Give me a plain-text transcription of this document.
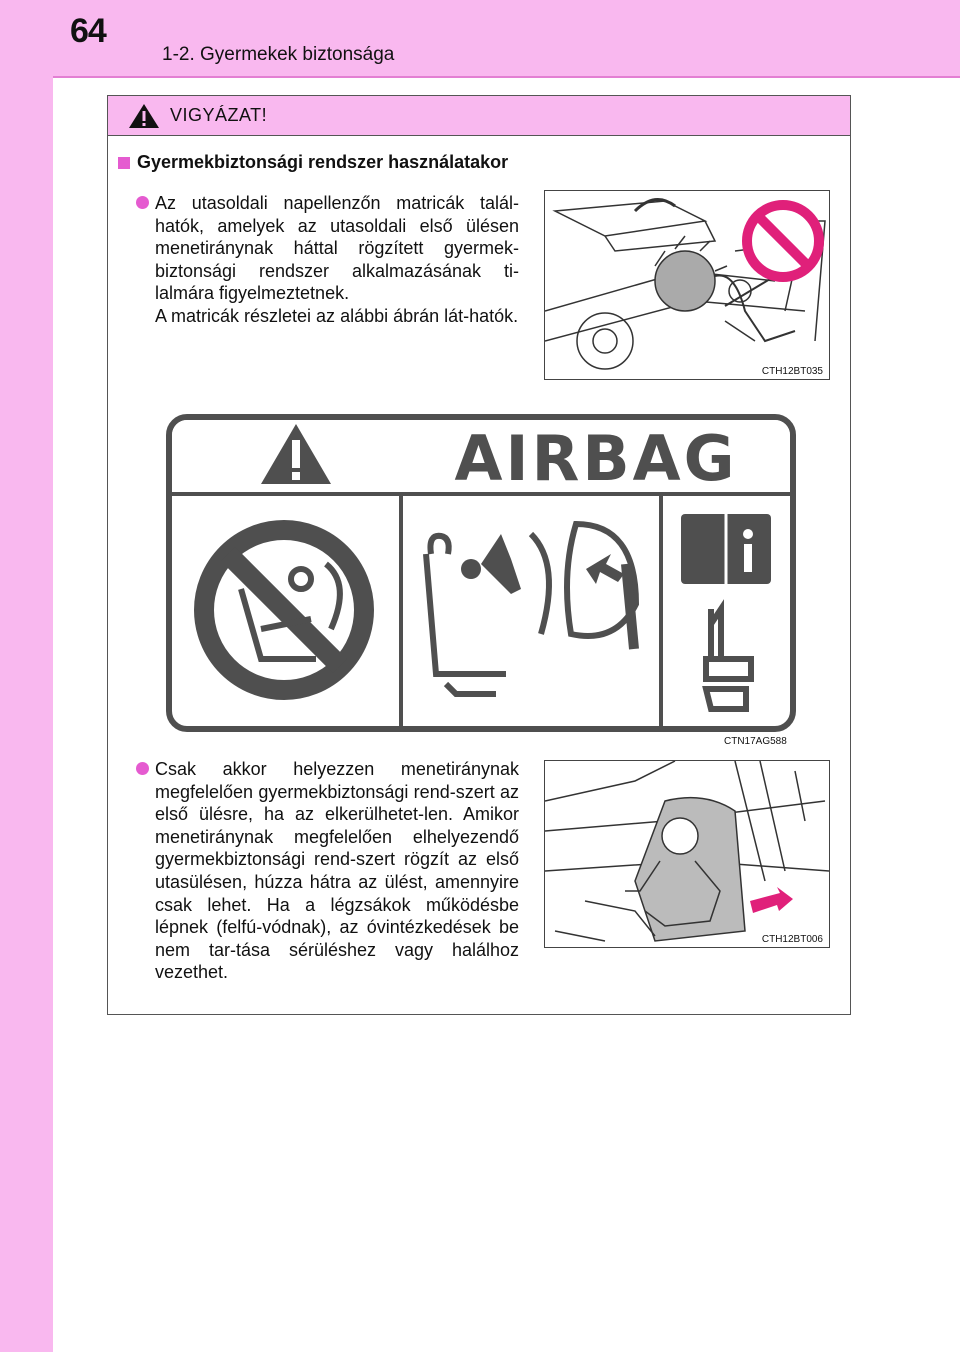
64
1-2. Gyermekek biztonsága
VIGYÁZAT!
Gyermekbiztonsági rendszer használatakor
Az utasoldali napellenzőn matricák talál-hatók, amelyek az utasoldali első ülésen menetiránynak háttal rögzített gyermek-biztonsági rendszer alkalmazásának ti-lalmára figyelmeztetnek.
A matricák részletei az alábbi ábrán lát-hatók.
CTH12BT035
AIRBAG
CTN17AG588
Csak akkor helyezzen menetiránynak megfelelően gyermekbiztonsági rend-szert az első ülésre, ha az elkerülhetet-len. Amikor menetiránynak megfelelően elhelyezendő gyermekbiztonsági rend-szert rögzít az első utasülésen, húzza hátra az ülést, amennyire csak lehet. Ha a légzsákok működésbe lépnek (felfú-vódnak), az óvintézkedések be nem tar-tása sérüléshez vagy halálhoz vezethet.
CTH12BT006
